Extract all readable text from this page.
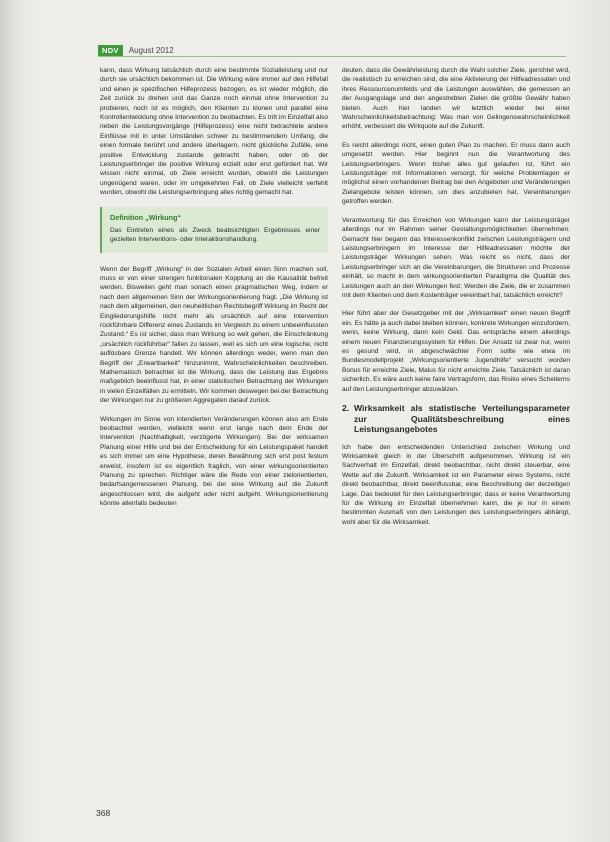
NDV	August 2012

kann, dass Wirkung tatsächlich durch eine bestimmte Sozialleistung und nur durch sie ursächlich bekommen ist. Die Wirkung wäre immer auf den Hilfefall und einen je spezifischen Hilfeprozess bezogen, es ist wieder möglich, die Zeit zurück zu drehen und das Ganze noch einmal ohne Intervention zu probieren, noch ist es möglich, den Klienten zu klonen und parallel eine Kontrollentwicklung ohne Intervention zu beobachten. Es tritt im Einzelfall also neben die Leistungsvorgänge (Hilfeprozess) eine nicht betrachtete andere Einflüsse mit in unter Umständen schwer zu bestimmendem Umfang, die einen formale berührt und andere überlagern, nicht glückliche Zufälle, eine positive Entwicklung zustande gebracht haben, oder ob der Leistungserbringer die positive Wirkung erzielt oder erst gefördert hat. Wir wissen nicht einmal, ob Ziele erreicht wurden, obwohl die Leistungen ungenügend waren, oder im umgekehrten Fall, ob Ziele vielleicht verfehlt wurden, obwohl die Leistungserbringung alles richtig gemacht hat.

Definition „Wirkung“
Das Eintreten eines als Zweck beabsichtigten Ergebnisses einer gezielten Interventions- oder Interaktionshandlung.

Wenn der Begriff „Wirkung“ in der Sozialen Arbeit einen Sinn machen soll, muss er von einer strengen funktionalen Kopplung an die Kausalität befreit werden. Bisweilen geht man sonach einen pragmatischen Weg, indem er nach dem allgemeinen Sinn der Wirkungsorientierung fragt. „Die Wirkung ist nach dem allgemeinen, den neuheitlichen Rechtsbegriff Wirkung im Recht der Eingliederungshilfe nicht mehr als ursächlich auf eine Intervention rückführbare Differenz eines Zustands im Vergleich zu einem unbeeinflussten Zustand.“ Es ist sicher, dass man Wirkung so weit gehen, die Einschränkung „ursächlich rückführbar“ fallen zu lassen, weil es sich um eine logische, nicht auflösbare Grenze handelt. Wir können allerdings weder, wenn man den Begriff der „Erwartbarkeit“ hinzunimmt, Wahrscheinlichkeiten beschreiben. Mathematisch betrachtet ist die Wirkung, dass die Leistung das Ergebnis maßgeblich beeinflusst hat, in einer statistischen Betrachtung der Wirkungen in vielen Einzelfällen zu ermitteln. Wir kommen deswegen bei der Betrachtung der Wirkungen nur zu größeren Aggregaten darauf zurück.

Wirkungen im Sinne von intendierten Veränderungen können also am Ende beobachtet werden, vielleicht wenn erst lange nach dem Ende der Intervention (Nachhaltigkeit, verzögerte Wirkungen). Bei der wirksamen Planung einer Hilfe und bei der Entscheidung für ein Leistungspaket handelt es sich immer um eine Hypothese, deren Bewährung sich erst post festum erweist, insofern ist es eigentlich fraglich, von einer wirkungsorientierten Planung zu sprechen. Richtiger wäre die Rede von einer zielorientierten, bedarfsangemessenen Planung, bei der eine Wirkung auf die Zukunft angeschlossen wird, die aufgeht oder nicht aufgeht. Wirkungsorientierung könnte allenfalls bedeuten

deuten, dass die Gewährleistung durch die Wahl solcher Ziele, gerichtet wird, die realistisch zu erreichen sind, die eine Aktivierung der Hilfeadressaten und ihres Ressourcenumfelds und die Leistungen auswählen, die gemessen an der Ausgangslage und den angestrebten Zielen die größte Gewähr haben bieten. Auch hier landen wir letztlich wieder bei einer Wahrscheinlichkeitsbetrachtung: Was man von Gelingenswahrscheinlichkeit erhöht, verbessert die Wirkquote auf die Zukunft.

Es reicht allerdings nicht, einen guten Plan zu machen. Er muss dann auch umgesetzt werden. Hier beginnt nun die Verantwortung des Leistungserbringers. Wenn bisher alles gut gelaufen ist, führt ein Leistungsträger mit Informationen versorgt, für welche Problemlagen er möglichst einen vorhandenen Beitrag bei den Angeboten und Veränderungen Zielangebote leisten können, um dies anzubieten hat, Vereinbarungen getroffen werden.

Verantwortung für das Erreichen von Wirkungen kann der Leistungsträger allerdings nur im Rahmen seiner Gestaltungsmöglichkeiten übernehmen. Gemacht hier begann das Interessenkonflikt zwischen Leistungsträgern und Leistungserbringern im Interesse der Hilfeadressaten möchte der Leistungsträger Wirkungen sehen. Was reicht es nicht, dass der Leistungserbringer sich an die Vereinbarungen, die Strukturen und Prozesse einhält, so macht in dem wirkungsorientierten Paradigma die Qualität des Leistungen auch an den Wirkungen fest: Werden die Ziele, die er zusammen mit dem Klienten und dem Kostenträger vereinbart hat, tatsächlich erreicht?

Hier führt aber der Gesetzgeber mit der „Wirksamkeit“ einen neuen Begriff ein. Es hätte ja auch dabei bleiben können, konkrete Wirkungen einzufordern, wenn, keine Wirkung, dann kein Geld. Das entspräche einem allerdings einem neuen Finanzierungssystem für Hilfen. Der Ansatz ist zwar nur, wenn es gesund wird, in abgeschwächter Form sollte wie etwa im Bundesmodellprojekt „Wirkungsorientierte Jugendhilfe“ versucht worden Bonus für erreichte Ziele, Malus für nicht erreichte Ziele. Tatsächlich ist daran sicherlich. Es wäre auch keine faire Vertragsform, das Risiko eines Scheiterns auf den Leistungserbringer abzuwälzen.

2. Wirksamkeit als statistische Verteilungsparameter zur Qualitätsbeschreibung eines Leistungsangebotes

Ich habe den entscheidenden Unterschied zwischen Wirkung und Wirksamkeit gleich in der Überschrift aufgenommen. Wirkung ist ein Sachverhalt im Einzelfall, direkt beobachtbar, nicht direkt steuerbar, eine Wette auf die Zukunft. Wirksamkeit ist ein Parameter eines Systems, nicht direkt beobachtbar, direkt beeinflussbar, eine Beschreibung der derzeitigen Lage. Das bedeutet für den Leistungserbringer, dass er keine Verantwortung für die Wirkung im Einzelfall übernehmen kann, die je nur in einem bestimmten Ausmaß von den Leistungen des Leistungserbringers abhängt, wohl aber für die Wirksamkeit.

368
